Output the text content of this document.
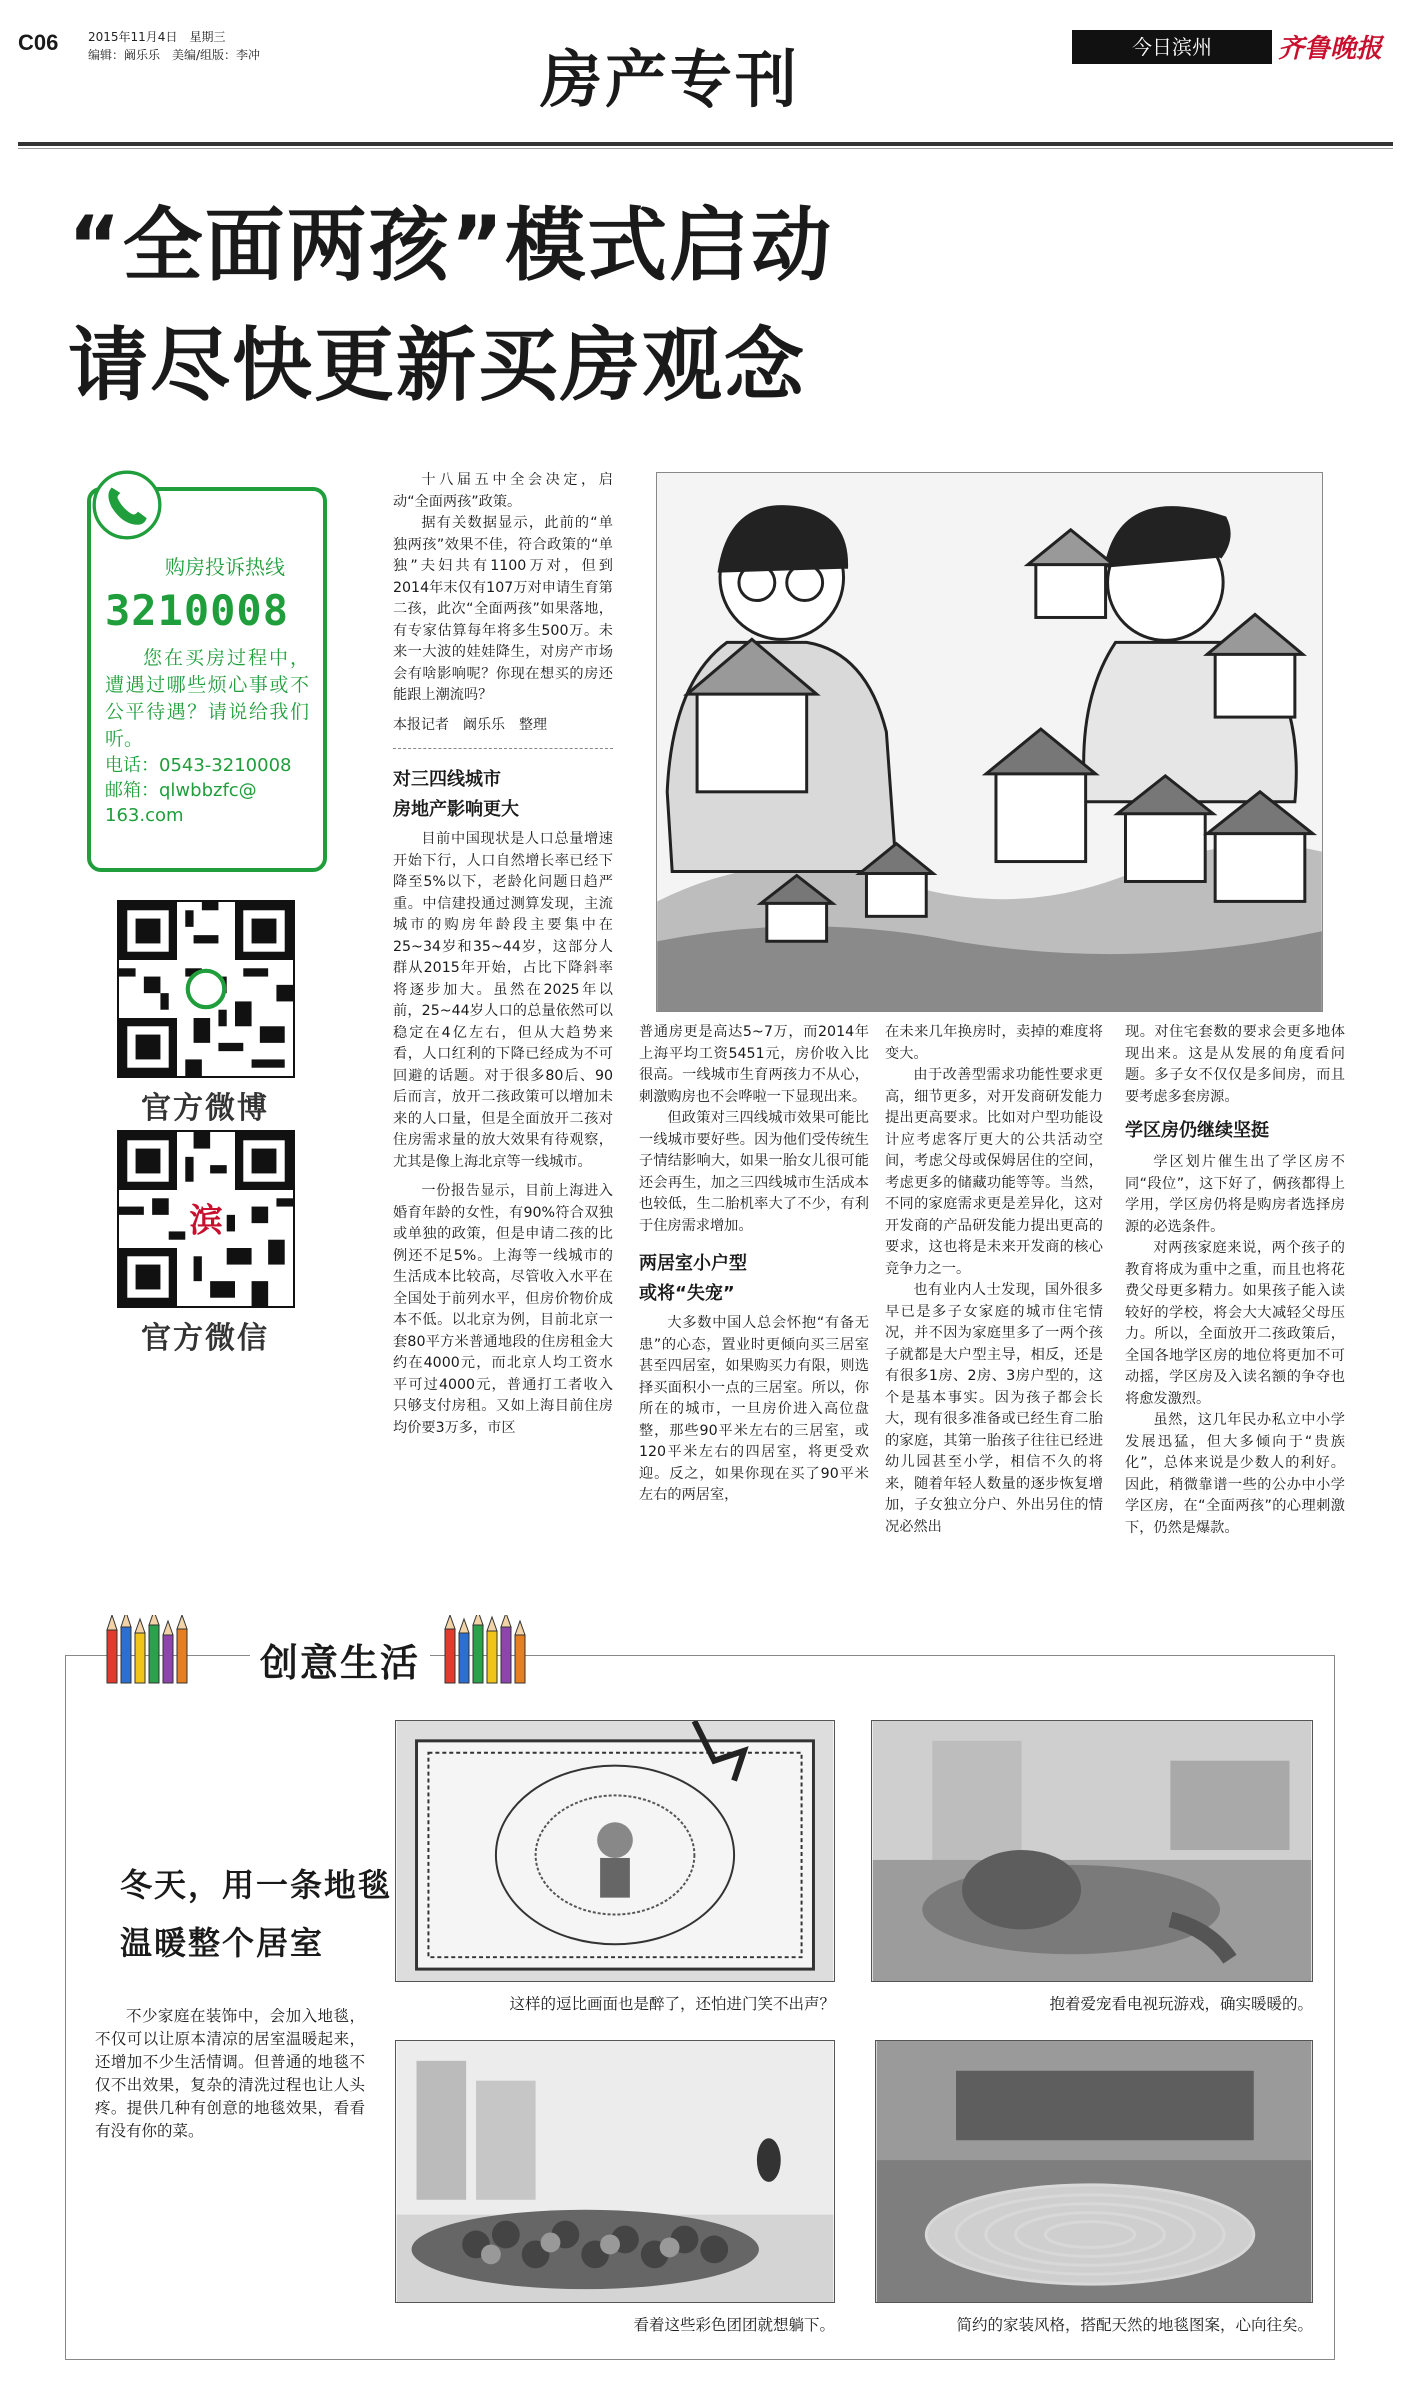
C06 2015年11月4日　星期三
编辑：阚乐乐　美编/组版：李冲	房产专刊	今日滨州	齐鲁晚报
“全面两孩”模式启动
请尽快更新买房观念
购房投诉热线
3210008
您在买房过程中，遭遇过哪些烦心事或不公平待遇？请说给我们听。
电话：0543-3210008
邮箱：qlwbbzfc@
163.com
官方微博
滨
官方微信

十八届五中全会决定，启动“全面两孩”政策。

据有关数据显示，此前的“单独两孩”效果不佳，符合政策的“单独”夫妇共有1100万对，但到2014年末仅有107万对申请生育第二孩，此次“全面两孩”如果落地，有专家估算每年将多生500万。未来一大波的娃娃降生，对房产市场会有啥影响呢？你现在想买的房还能跟上潮流吗？

本报记者　阚乐乐　整理
对三四线城市
房地产影响更大

目前中国现状是人口总量增速开始下行，人口自然增长率已经下降至5%以下，老龄化问题日趋严重。中信建投通过测算发现，主流城市的购房年龄段主要集中在25~34岁和35~44岁，这部分人群从2015年开始，占比下降斜率将逐步加大。虽然在2025年以前，25~44岁人口的总量依然可以稳定在4亿左右，但从大趋势来看，人口红利的下降已经成为不可回避的话题。对于很多80后、90后而言，放开二孩政策可以增加未来的人口量，但是全面放开二孩对住房需求量的放大效果有待观察，尤其是像上海北京等一线城市。

一份报告显示，目前上海进入婚育年龄的女性，有90%符合双独或单独的政策，但是申请二孩的比例还不足5%。上海等一线城市的生活成本比较高，尽管收入水平在全国处于前列水平，但房价物价成本不低。以北京为例，目前北京一套80平方米普通地段的住房租金大约在4000元，而北京人均工资水平可过4000元，普通打工者收入只够支付房租。又如上海目前住房均价要3万多，市区

普通房更是高达5~7万，而2014年上海平均工资5451元，房价收入比很高。一线城市生育两孩力不从心，刺激购房也不会哗啦一下显现出来。

但政策对三四线城市效果可能比一线城市要好些。因为他们受传统生子情结影响大，如果一胎女儿很可能还会再生，加之三四线城市生活成本也较低，生二胎机率大了不少，有利于住房需求增加。

两居室小户型
或将“失宠”

大多数中国人总会怀抱“有备无患”的心态，置业时更倾向买三居室甚至四居室，如果购买力有限，则选择买面积小一点的三居室。所以，你所在的城市，一旦房价进入高位盘整，那些90平米左右的三居室，或120平米左右的四居室，将更受欢迎。反之，如果你现在买了90平米左右的两居室，

在未来几年换房时，卖掉的难度将变大。

由于改善型需求功能性要求更高，细节更多，对开发商研发能力提出更高要求。比如对户型功能设计应考虑客厅更大的公共活动空间，考虑父母或保姆居住的空间，考虑更多的储藏功能等等。当然，不同的家庭需求更是差异化，这对开发商的产品研发能力提出更高的要求，这也将是未来开发商的核心竞争力之一。

也有业内人士发现，国外很多早已是多子女家庭的城市住宅情况，并不因为家庭里多了一两个孩子就都是大户型主导，相反，还是有很多1房、2房、3房户型的，这个是基本事实。因为孩子都会长大，现有很多准备或已经生育二胎的家庭，其第一胎孩子往往已经进幼儿园甚至小学，相信不久的将来，随着年轻人数量的逐步恢复增加，子女独立分户、外出另住的情况必然出

现。对住宅套数的要求会更多地体现出来。这是从发展的角度看问题。多子女不仅仅是多间房，而且要考虑多套房源。

学区房仍继续坚挺

学区划片催生出了学区房不同“段位”，这下好了，俩孩都得上学用，学区房仍将是购房者选择房源的必选条件。

对两孩家庭来说，两个孩子的教育将成为重中之重，而且也将花费父母更多精力。如果孩子能入读较好的学校，将会大大减轻父母压力。所以，全面放开二孩政策后，全国各地学区房的地位将更加不可动摇，学区房及入读名额的争夺也将愈发激烈。

虽然，这几年民办私立中小学发展迅猛，但大多倾向于“贵族化”，总体来说是少数人的利好。因此，稍微靠谱一些的公办中小学学区房，在“全面两孩”的心理刺激下，仍然是爆款。

创意生活
冬天，用一条地毯
温暖整个居室
不少家庭在装饰中，会加入地毯，不仅可以让原本清凉的居室温暖起来，还增加不少生活情调。但普通的地毯不仅不出效果，复杂的清洗过程也让人头疼。提供几种有创意的地毯效果，看看有没有你的菜。
这样的逗比画面也是醉了，还怕进门笑不出声？	抱着爱宠看电视玩游戏，确实暖暖的。
看着这些彩色团团就想躺下。	简约的家装风格，搭配天然的地毯图案，心向往矣。
